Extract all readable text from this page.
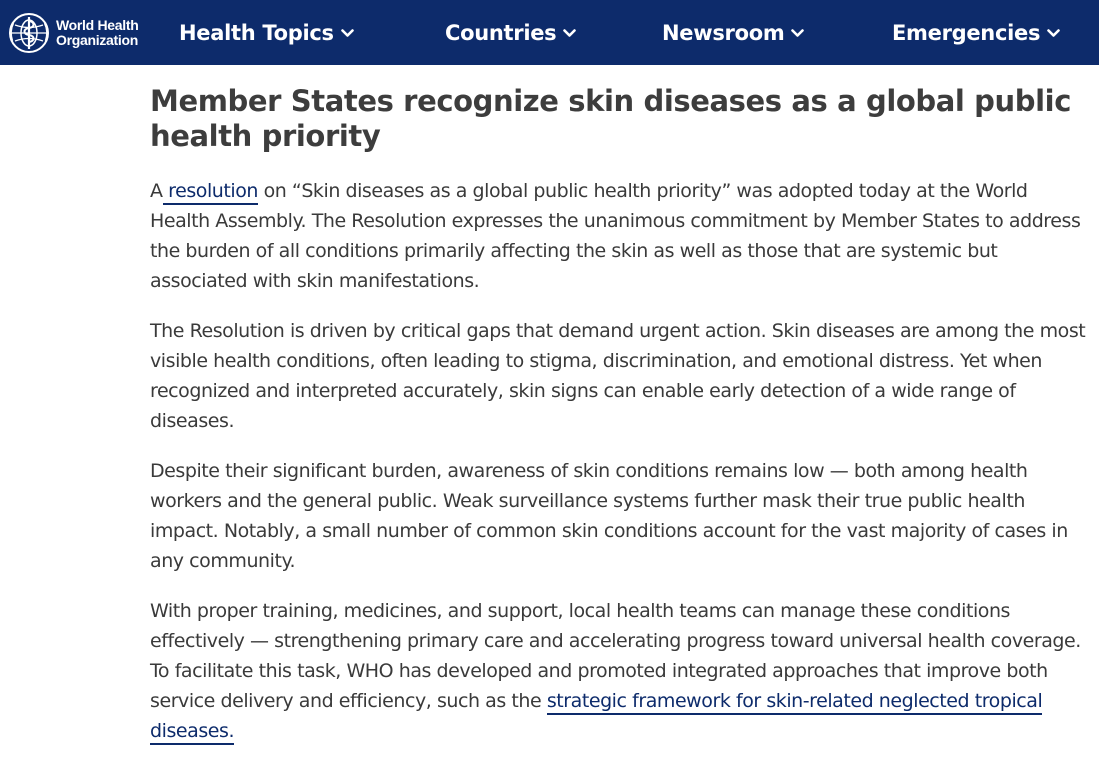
World Health
Organization Health Topics	Countries	Newsroom	Emergencies
Member States recognize skin diseases as a global public health priority

A resolution on “Skin diseases as a global public health priority” was adopted today at the World Health Assembly. The Resolution expresses the unanimous commitment by Member States to address the burden of all conditions primarily affecting the skin as well as those that are systemic but associated with skin manifestations.

The Resolution is driven by critical gaps that demand urgent action. Skin diseases are among the most visible health conditions, often leading to stigma, discrimination, and emotional distress. Yet when recognized and interpreted accurately, skin signs can enable early detection of a wide range of diseases.

Despite their significant burden, awareness of skin conditions remains low — both among health workers and the general public. Weak surveillance systems further mask their true public health impact. Notably, a small number of common skin conditions account for the vast majority of cases in any community.

With proper training, medicines, and support, local health teams can manage these conditions effectively — strengthening primary care and accelerating progress toward universal health coverage. To facilitate this task, WHO has developed and promoted integrated approaches that improve both service delivery and efficiency, such as the strategic framework for skin-related neglected tropical diseases.
